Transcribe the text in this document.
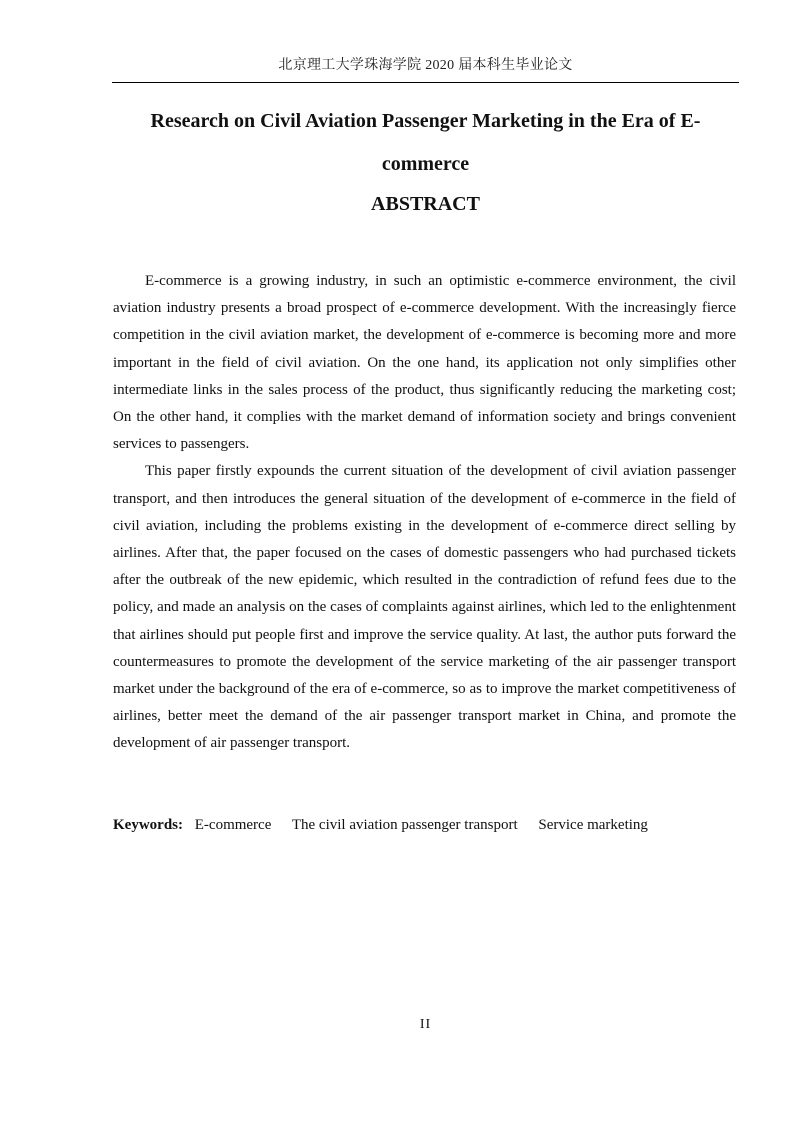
北京理工大学珠海学院 2020 届本科生毕业论文
Research on Civil Aviation Passenger Marketing in the Era of E-commerce
ABSTRACT

E-commerce is a growing industry, in such an optimistic e-commerce environment, the civil aviation industry presents a broad prospect of e-commerce development. With the increasingly fierce competition in the civil aviation market, the development of e-commerce is becoming more and more important in the field of civil aviation. On the one hand, its application not only simplifies other intermediate links in the sales process of the product, thus significantly reducing the marketing cost; On the other hand, it complies with the market demand of information society and brings convenient services to passengers.

This paper firstly expounds the current situation of the development of civil aviation passenger transport, and then introduces the general situation of the development of e-commerce in the field of civil aviation, including the problems existing in the development of e-commerce direct selling by airlines. After that, the paper focused on the cases of domestic passengers who had purchased tickets after the outbreak of the new epidemic, which resulted in the contradiction of refund fees due to the policy, and made an analysis on the cases of complaints against airlines, which led to the enlightenment that airlines should put people first and improve the service quality. At last, the author puts forward the countermeasures to promote the development of the service marketing of the air passenger transport market under the background of the era of e-commerce, so as to improve the market competitiveness of airlines, better meet the demand of the air passenger transport market in China, and promote the development of air passenger transport.

Keywords: E-commerce The civil aviation passenger transport Service marketing
II
